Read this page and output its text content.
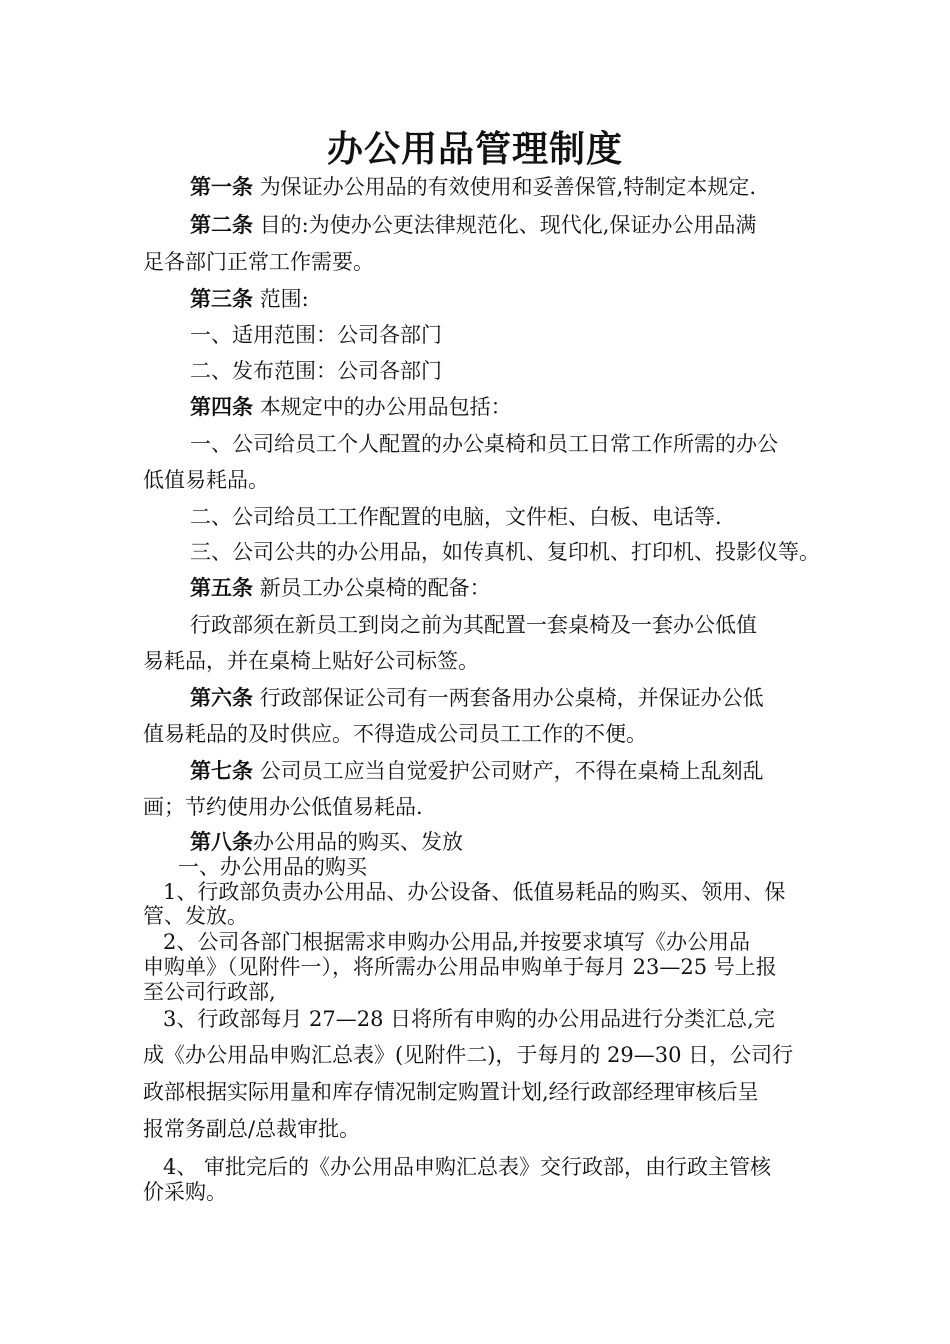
办公用品管理制度
第一条 为保证办公用品的有效使用和妥善保管,特制定本规定.
第二条 目的:为使办公更法律规范化、现代化,保证办公用品满
足各部门正常工作需要。
第三条 范围:
一、适用范围：公司各部门
二、发布范围：公司各部门
第四条 本规定中的办公用品包括：
一、公司给员工个人配置的办公桌椅和员工日常工作所需的办公
低值易耗品。
二、公司给员工工作配置的电脑，文件柜、白板、电话等.
三、公司公共的办公用品，如传真机、复印机、打印机、投影仪等。
第五条 新员工办公桌椅的配备：
行政部须在新员工到岗之前为其配置一套桌椅及一套办公低值
易耗品，并在桌椅上贴好公司标签。
第六条 行政部保证公司有一两套备用办公桌椅，并保证办公低
值易耗品的及时供应。不得造成公司员工工作的不便。
第七条 公司员工应当自觉爱护公司财产，不得在桌椅上乱刻乱
画；节约使用办公低值易耗品.
第八条办公用品的购买、发放
一、办公用品的购买
1、行政部负责办公用品、办公设备、低值易耗品的购买、领用、保
管、发放。
2、公司各部门根据需求申购办公用品,并按要求填写《办公用品
申购单》（见附件一），将所需办公用品申购单于每月 23—25 号上报
至公司行政部,
3、行政部每月 27—28 日将所有申购的办公用品进行分类汇总,完
成《办公用品申购汇总表》(见附件二)，于每月的 29—30 日，公司行
政部根据实际用量和库存情况制定购置计划,经行政部经理审核后呈
报常务副总/总裁审批。
4、 审批完后的《办公用品申购汇总表》交行政部，由行政主管核
价采购。
